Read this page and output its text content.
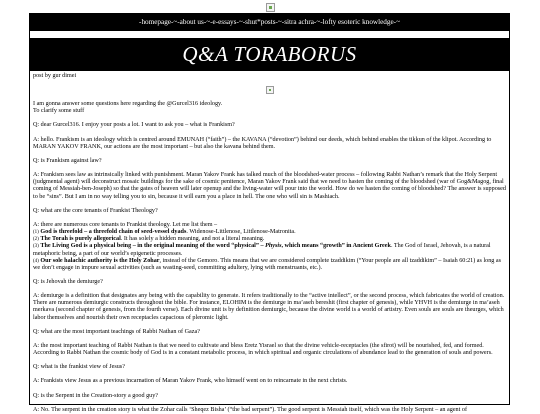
-homepage-~-about us-~-e-essays-~-shut*posts-~-sitra achra-~-lofty esoteric knowledge-~
Q&A TORABORUS

post by gur dimei

I am gonna answer some questions here regarding the @Gurcel316 ideology.

To clarify some stuff

Q: dear Gurcel316. I enjoy your posts a lot. I want to ask you – what is Frankism?

A: hello. Frankism is an ideology which is centred around EMUNAH (“faith”) – the KAVANA (“devotion”) behind our deeds, which behind enables the tikkun of the klipot. According to MARAN YAKOV FRANK, our actions are the most important – but also the kavana behind them.

Q: is Frankism against law?

A: Frankism sees law as intrinsically linked with punishment. Maran Yakov Frank has talked much of the bloodshed-water process – following Rabbi Nathan’s remark that the Holy Serpent (judgmental agent) will deconstruct mosaic buildings for the sake of cosmic penitence, Maran Yakov Frank said that we need to hasten the coming of the bloodshed (war of Gog&Magog, final coming of Messiah-ben-Joseph) so that the gates of heaven will later openup and the living-water will pour into the world. How do we hasten the coming of bloodshed? The answer is supposed to be “sins”. But I am in no way telling you to sin, because it will earn you a place in hell. The one who will sin is Mashiach.

Q: what are the core tenants of Frankist Theology?

A: there are numerous core tenants to Frankist theology. Let me list them –

(1) God is threefold – a threefold chain of seed-vessel dyads. Widenose-Littlenose, Littlenose-Matronita.

(2) The Torah is purely allegorical. It has solely a hidden meaning, and not a literal meaning.

(3) The Living God is a physical being – in the original meaning of the word “physical” – Physis, which means “growth” in Ancient Greek. The God of Israel, Jehovah, is a natural metaphoric being, a part of our world’s epigenetic processes.

(4) Our sole halachic authority is the Holy Zohar, instead of the Gemoro. This means that we are considered complete tzaddikim (“Your people are all tzaddikim” – Isaiah 60:21) as long as we don’t engage in impure sexual activities (such as wasting-seed, committing adultery, lying with menstruants, etc.).

Q: is Jehovah the demiurge?

A: demiurge is a definition that designates any being with the capability to generate. It refers traditionally to the “active intellect”, or the second process, which fabricates the world of creation. There are numerous demiurgic constructs throughout the bible. For instance, ELOHIM is the demiurge in ma’aseh bereshit (first chapter of genesis), while YHVH is the demiurge in ma’aseh merkava (second chapter of genesis, from the fourth verse). Each divine unit is by definition demiurgic, because the divine world is a world of artistry. Even souls are souls are theurges, which labor themselves and nourish their own receptacles capacious of pleromic light.

Q: what are the most important teachings of Rabbi Nathan of Gaza?

A: the most important teaching of Rabbi Nathan is that we need to cultivate and bless Eretz Yisrael so that the divine vehicle-receptacles (the sfirot) will be nourished, fed, and formed. According to Rabbi Nathan the cosmic body of God is in a constant metabolic process, in which spiritual and organic circulations of abundance lead to the generation of souls and powers.

Q: what is the frankist view of Jesus?

A: Frankists view Jesus as a previous incarnation of Maran Yakov Frank, who himself went on to reincarnate in the next christs.

Q: is the Serpent in the Creation-story a good guy?

A: No. The serpent in the creation story is what the Zohar calls ‘Sheqez Bisha’ (“the bad serpent”). The good serpent is Messiah itself, which was the Holy Serpent – an agent of
